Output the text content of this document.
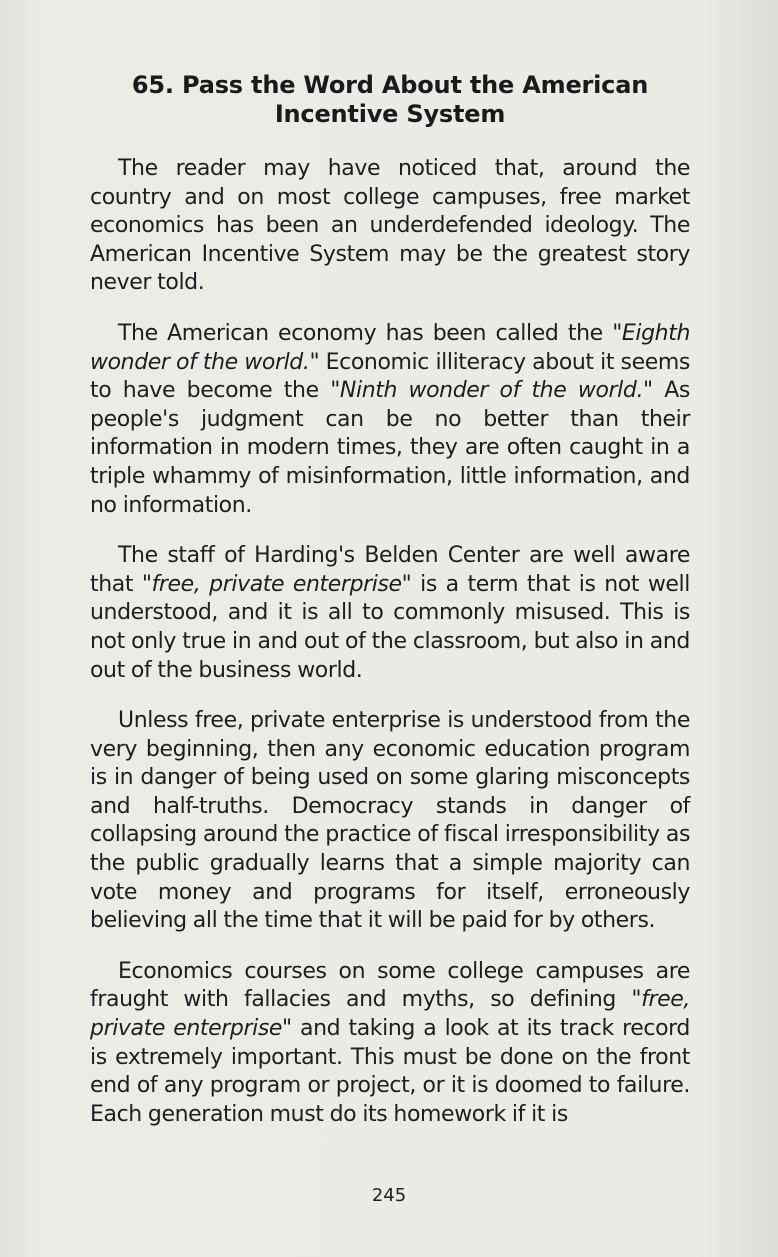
65. Pass the Word About the American
Incentive System

The reader may have noticed that, around the country and on most college campuses, free market economics has been an underdefended ideology. The American Incentive System may be the greatest story never told.

The American economy has been called the "Eighth wonder of the world." Economic illiteracy about it seems to have become the "Ninth wonder of the world." As people's judgment can be no better than their information in modern times, they are often caught in a triple whammy of misinformation, little information, and no information.

The staff of Harding's Belden Center are well aware that "free, private enterprise" is a term that is not well understood, and it is all to commonly misused. This is not only true in and out of the classroom, but also in and out of the business world.

Unless free, private enterprise is understood from the very beginning, then any economic education program is in danger of being used on some glaring misconcepts and half-truths. Democracy stands in danger of collapsing around the practice of fiscal irresponsibility as the public gradually learns that a simple majority can vote money and programs for itself, erroneously believing all the time that it will be paid for by others.

Economics courses on some college campuses are fraught with fallacies and myths, so defining "free, private enterprise" and taking a look at its track record is extremely important. This must be done on the front end of any program or project, or it is doomed to failure. Each generation must do its homework if it is

245
